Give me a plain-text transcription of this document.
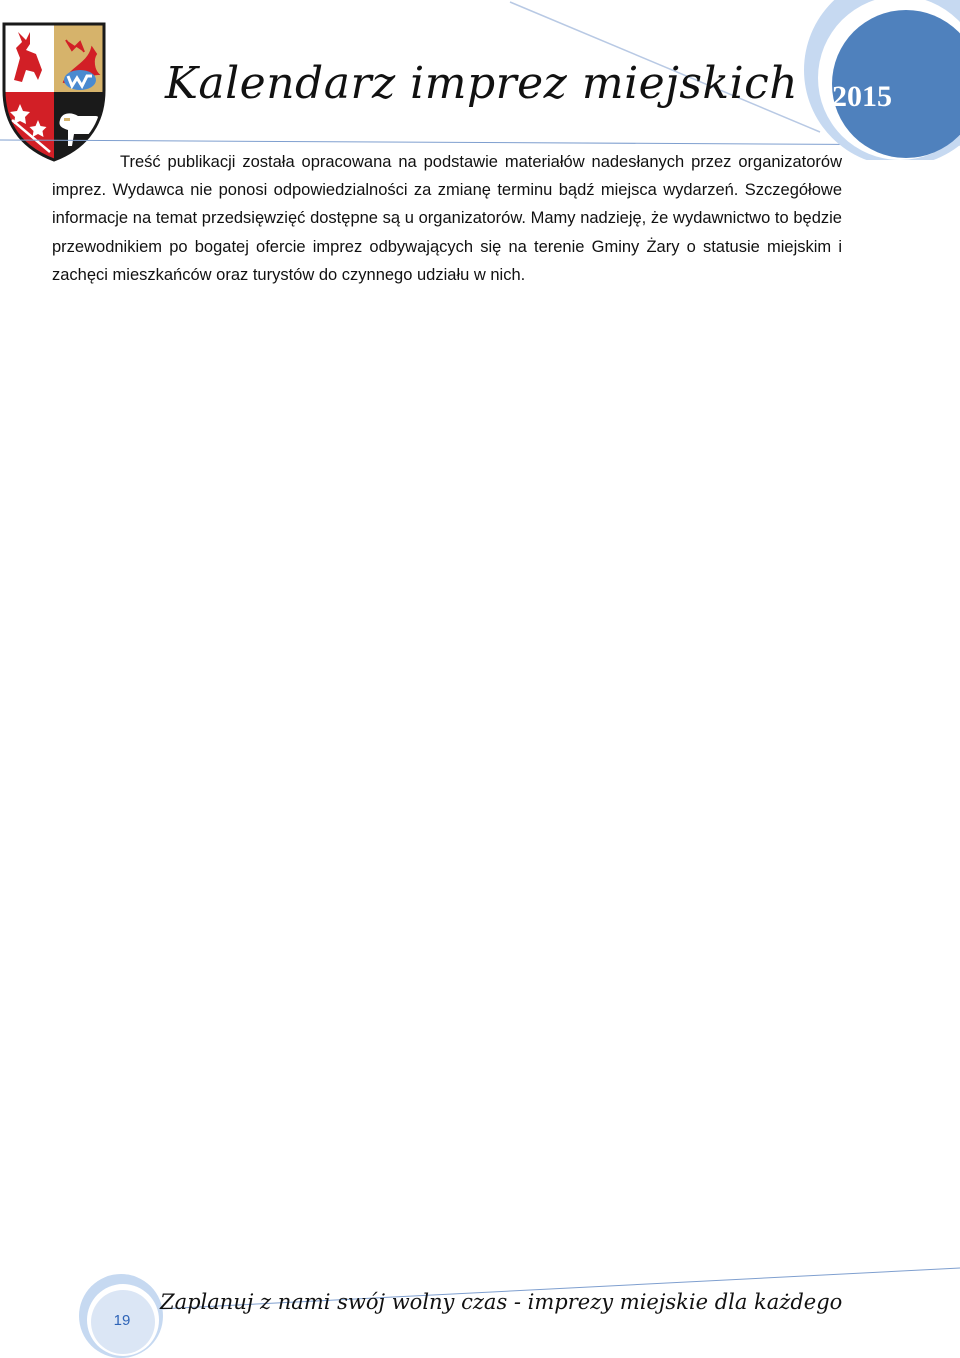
Kalendarz imprez miejskich 2015
Treść publikacji została opracowana na podstawie materiałów nadesłanych przez organizatorów imprez. Wydawca nie ponosi odpowiedzialności za zmianę terminu bądź miejsca wydarzeń. Szczegółowe informacje na temat przedsięwzięć dostępne są u organizatorów. Mamy nadzieję, że wydawnictwo to będzie przewodnikiem po bogatej ofercie imprez odbywających się na terenie Gminy Żary o statusie miejskim i zachęci mieszkańców oraz turystów do czynnego udziału w nich.
19
Zaplanuj z nami swój wolny czas - imprezy miejskie dla każdego
